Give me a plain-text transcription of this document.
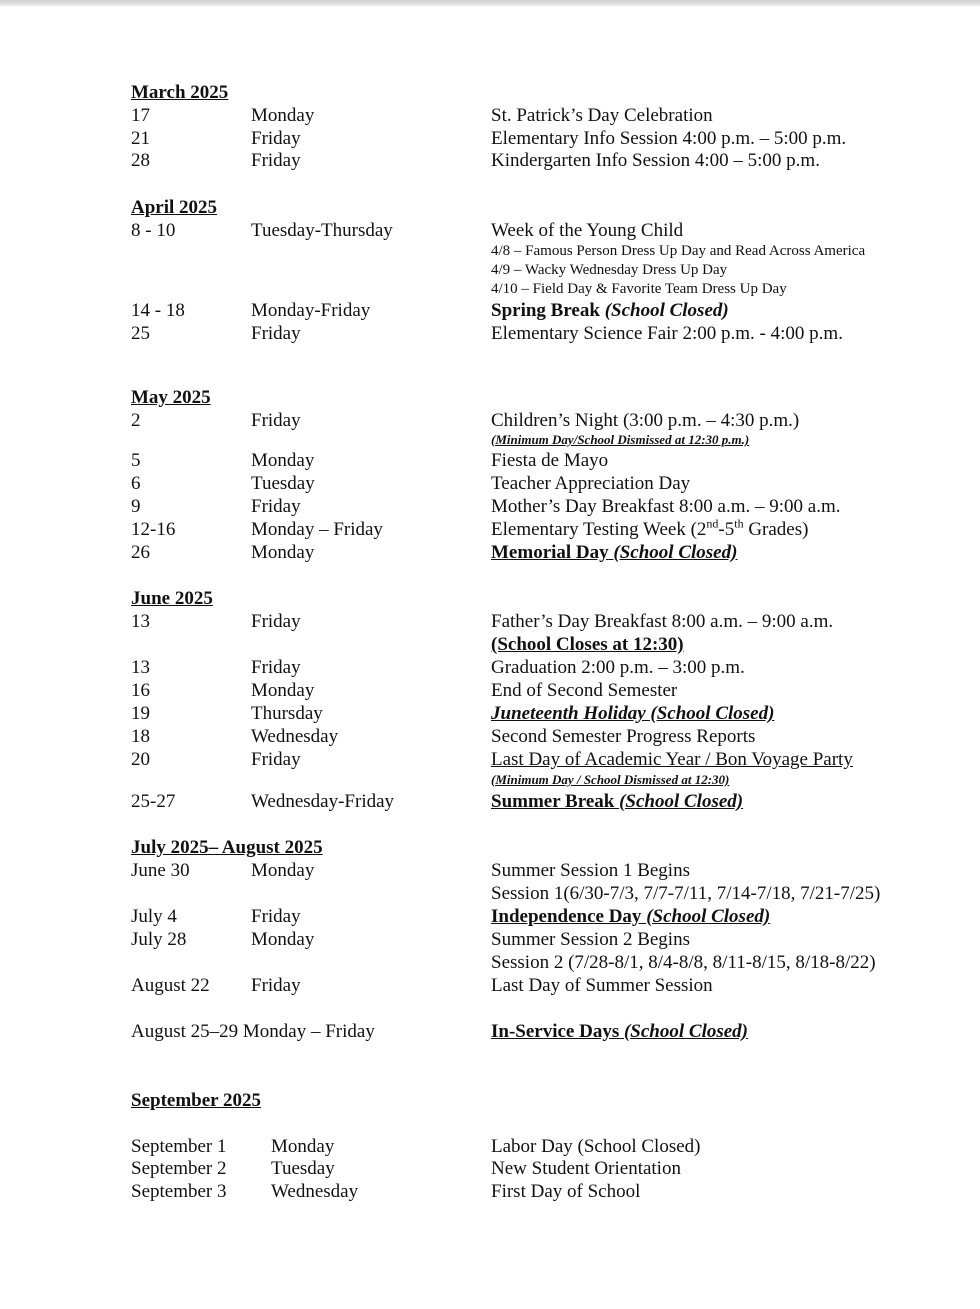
March 2025
17	Monday	St. Patrick’s Day Celebration
21	Friday	Elementary Info Session 4:00 p.m. – 5:00 p.m.
28	Friday	Kindergarten Info Session 4:00 – 5:00 p.m.
April 2025
8 - 10	Tuesday-Thursday	Week of the Young Child
4/8 – Famous Person Dress Up Day and Read Across America
4/9 – Wacky Wednesday Dress Up Day
4/10 – Field Day & Favorite Team Dress Up Day
14 - 18	Monday-Friday	Spring Break (School Closed)
25	Friday	Elementary Science Fair 2:00 p.m. - 4:00 p.m.
May 2025
2	Friday	Children’s Night (3:00 p.m. – 4:30 p.m.)
(Minimum Day/School Dismissed at 12:30 p.m.)
5	Monday	Fiesta de Mayo
6	Tuesday	Teacher Appreciation Day
9	Friday	Mother’s Day Breakfast 8:00 a.m. – 9:00 a.m.
12-16	Monday – Friday	Elementary Testing Week (2nd-5th Grades)
26	Monday	Memorial Day (School Closed)
June 2025
13	Friday	Father’s Day Breakfast 8:00 a.m. – 9:00 a.m.
(School Closes at 12:30)
13	Friday	Graduation 2:00 p.m. – 3:00 p.m.
16	Monday	End of Second Semester
19	Thursday	Juneteenth Holiday (School Closed)
18	Wednesday	Second Semester Progress Reports
20	Friday	Last Day of Academic Year / Bon Voyage Party
(Minimum Day / School Dismissed at 12:30)
25-27	Wednesday-Friday	Summer Break (School Closed)
July 2025– August 2025
June 30	Monday	Summer Session 1 Begins
Session 1(6/30-7/3, 7/7-7/11, 7/14-7/18, 7/21-7/25)
July 4	Friday	Independence Day (School Closed)
July 28	Monday	Summer Session 2 Begins
Session 2 (7/28-8/1, 8/4-8/8, 8/11-8/15, 8/18-8/22)
August 22 Friday	Last Day of Summer Session
August 25–29 Monday – Friday	In-Service Days (School Closed)
September 2025
September 1 Monday	Labor Day (School Closed)
September 2 Tuesday	New Student Orientation
September 3 Wednesday	First Day of School
